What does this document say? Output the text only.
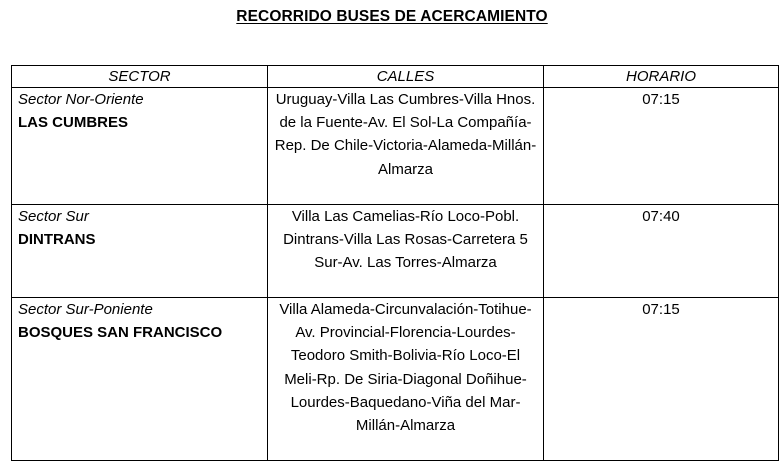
RECORRIDO BUSES DE ACERCAMIENTO
SECTOR	CALLES	HORARIO

Sector Nor-Oriente
LAS CUMBRES	Uruguay-Villa Las Cumbres-Villa Hnos. de la Fuente-Av. El Sol-La Compañía-Rep. De Chile-Victoria-Alameda-Millán-Almarza	07:15

Sector Sur
DINTRANS	Villa Las Camelias-Río Loco-Pobl. Dintrans-Villa Las Rosas-Carretera 5 Sur-Av. Las Torres-Almarza	07:40

Sector Sur-Poniente
BOSQUES SAN FRANCISCO	Villa Alameda-Circunvalación-Totihue-Av. Provincial-Florencia-Lourdes-Teodoro Smith-Bolivia-Río Loco-El Meli-Rp. De Siria-Diagonal Doñihue-Lourdes-Baquedano-Viña del Mar-Millán-Almarza	07:15
